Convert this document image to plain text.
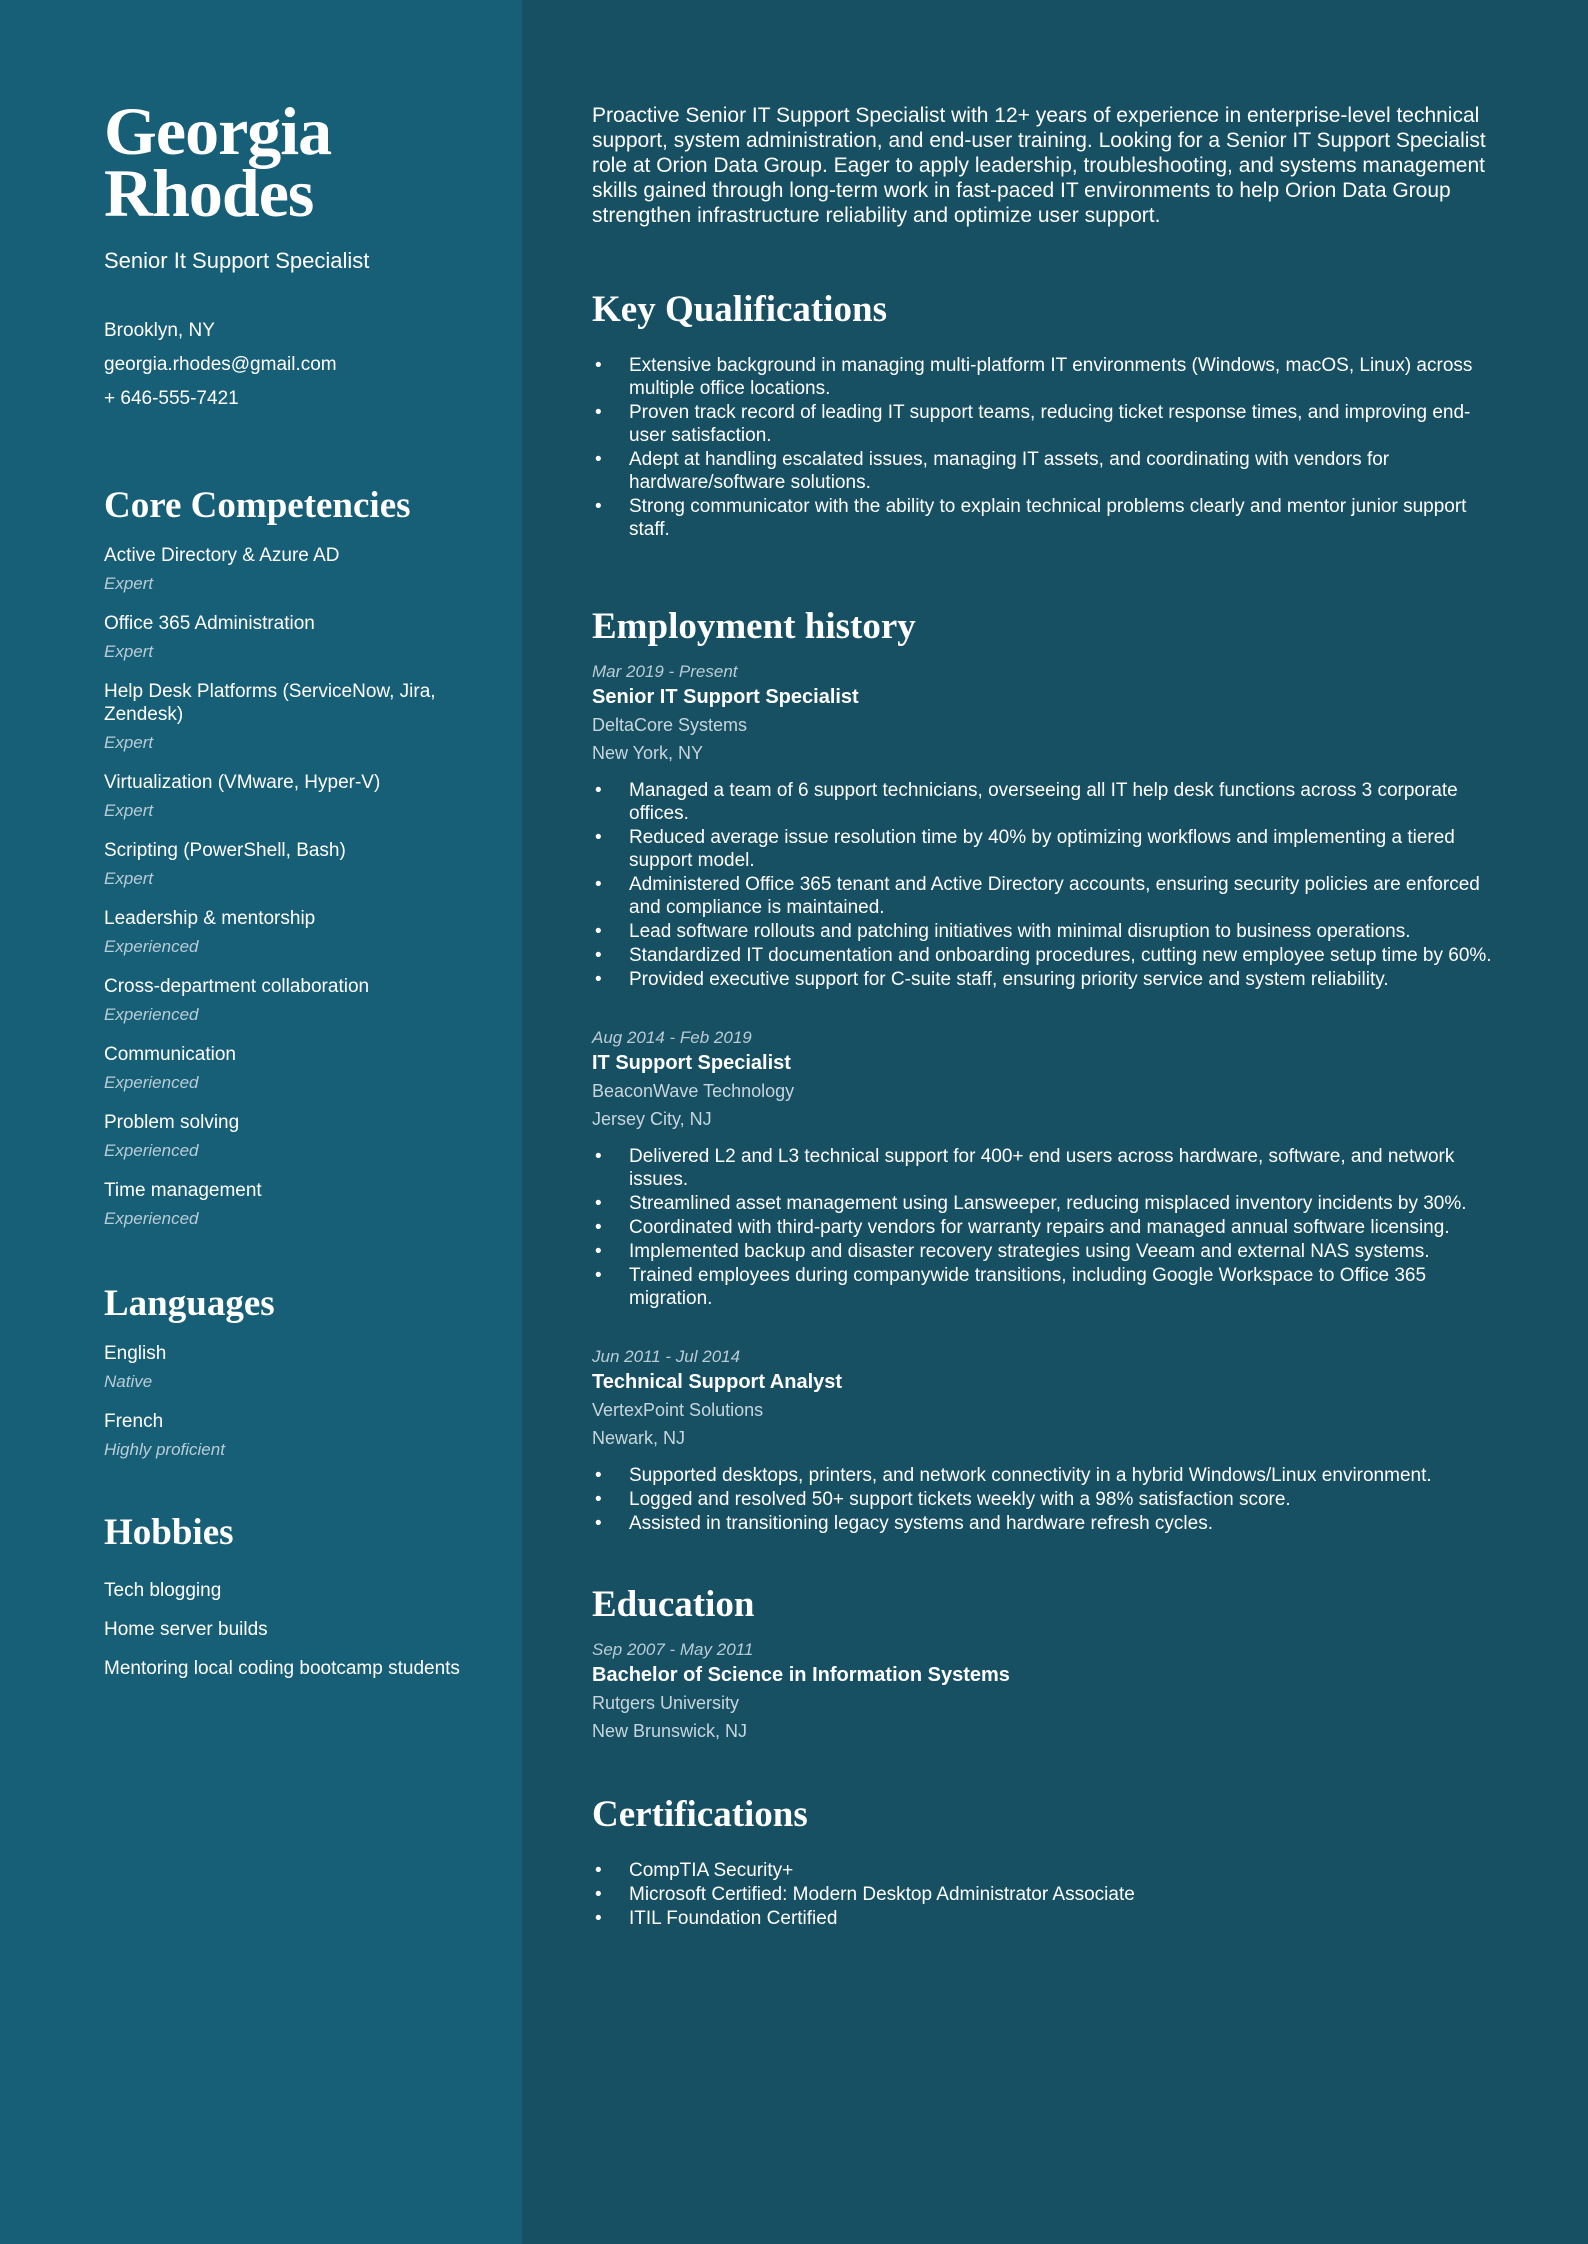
Georgia
Rhodes
Senior It Support Specialist
Brooklyn, NY
georgia.rhodes@gmail.com
+ 646-555-7421
Core Competencies
Active Directory & Azure AD
Expert
Office 365 Administration
Expert
Help Desk Platforms (ServiceNow, Jira, Zendesk)
Expert
Virtualization (VMware, Hyper-V)
Expert
Scripting (PowerShell, Bash)
Expert
Leadership & mentorship
Experienced
Cross-department collaboration
Experienced
Communication
Experienced
Problem solving
Experienced
Time management
Experienced
Languages
English
Native
French
Highly proficient
Hobbies
Tech blogging
Home server builds
Mentoring local coding bootcamp students

Proactive Senior IT Support Specialist with 12+ years of experience in enterprise-level technical support, system administration, and end-user training. Looking for a Senior IT Support Specialist role at Orion Data Group. Eager to apply leadership, troubleshooting, and systems management skills gained through long-term work in fast-paced IT environments to help Orion Data Group strengthen infrastructure reliability and optimize user support.

Key Qualifications
• Extensive background in managing multi-platform IT environments (Windows, macOS, Linux) across multiple office locations.
• Proven track record of leading IT support teams, reducing ticket response times, and improving end-user satisfaction.
• Adept at handling escalated issues, managing IT assets, and coordinating with vendors for hardware/software solutions.
• Strong communicator with the ability to explain technical problems clearly and mentor junior support staff.
Employment history
Mar 2019 - Present
Senior IT Support Specialist
DeltaCore Systems
New York, NY
• Managed a team of 6 support technicians, overseeing all IT help desk functions across 3 corporate offices.
• Reduced average issue resolution time by 40% by optimizing workflows and implementing a tiered support model.
• Administered Office 365 tenant and Active Directory accounts, ensuring security policies are enforced and compliance is maintained.
• Lead software rollouts and patching initiatives with minimal disruption to business operations.
• Standardized IT documentation and onboarding procedures, cutting new employee setup time by 60%.
• Provided executive support for C-suite staff, ensuring priority service and system reliability.
Aug 2014 - Feb 2019
IT Support Specialist
BeaconWave Technology
Jersey City, NJ
• Delivered L2 and L3 technical support for 400+ end users across hardware, software, and network issues.
• Streamlined asset management using Lansweeper, reducing misplaced inventory incidents by 30%.
• Coordinated with third-party vendors for warranty repairs and managed annual software licensing.
• Implemented backup and disaster recovery strategies using Veeam and external NAS systems.
• Trained employees during companywide transitions, including Google Workspace to Office 365 migration.
Jun 2011 - Jul 2014
Technical Support Analyst
VertexPoint Solutions
Newark, NJ
• Supported desktops, printers, and network connectivity in a hybrid Windows/Linux environment.
• Logged and resolved 50+ support tickets weekly with a 98% satisfaction score.
• Assisted in transitioning legacy systems and hardware refresh cycles.
Education
Sep 2007 - May 2011
Bachelor of Science in Information Systems
Rutgers University
New Brunswick, NJ
Certifications
• CompTIA Security+
• Microsoft Certified: Modern Desktop Administrator Associate
• ITIL Foundation Certified
